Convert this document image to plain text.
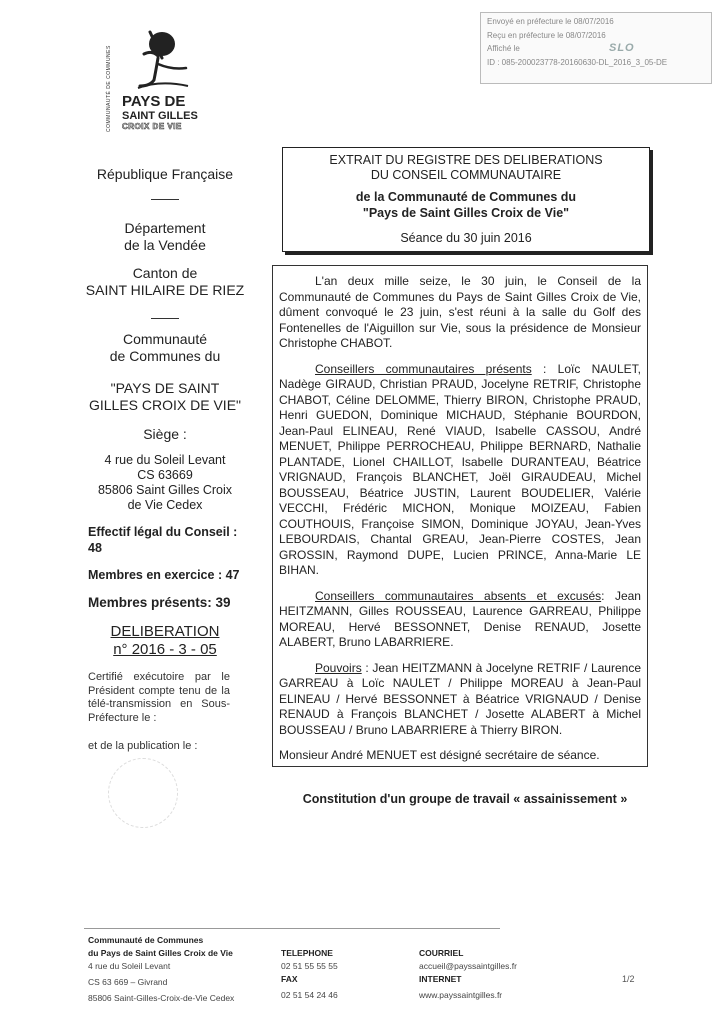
Envoyé en préfecture le 08/07/2016
Reçu en préfecture le 08/07/2016
Affiché le	SLO
ID : 085-200023778-20160630-DL_2016_3_05-DE
COMMUNAUTÉ DE COMMUNES PAYS DE
SAINT GILLES
CROIX DE VIE
République Française
Département
de la Vendée
Canton de
SAINT HILAIRE DE RIEZ
Communauté
de Communes du
"PAYS DE SAINT
GILLES CROIX DE VIE"
Siège :
4 rue du Soleil Levant
CS 63669
85806 Saint Gilles Croix
de Vie Cedex
Effectif légal du Conseil :
48
Membres en exercice : 47
Membres présents: 39
DELIBERATION
n° 2016 - 3 - 05
Certifié exécutoire par le Président compte tenu de la télé-transmission en Sous-Préfecture le :
et de la publication le :
EXTRAIT DU REGISTRE DES DELIBERATIONS
DU CONSEIL COMMUNAUTAIRE
de la Communauté de Communes du
"Pays de Saint Gilles Croix de Vie"
Séance du 30 juin 2016

L'an deux mille seize, le 30 juin, le Conseil de la Communauté de Communes du Pays de Saint Gilles Croix de Vie, dûment convoqué le 23 juin, s'est réuni à la salle du Golf des Fontenelles de l'Aiguillon sur Vie, sous la présidence de Monsieur Christophe CHABOT.

Conseillers communautaires présents : Loïc NAULET, Nadège GIRAUD, Christian PRAUD, Jocelyne RETRIF, Christophe CHABOT, Céline DELOMME, Thierry BIRON, Christophe PRAUD, Henri GUEDON, Dominique MICHAUD, Stéphanie BOURDON, Jean-Paul ELINEAU, René VIAUD, Isabelle CASSOU, André MENUET, Philippe PERROCHEAU, Philippe BERNARD, Nathalie PLANTADE, Lionel CHAILLOT, Isabelle DURANTEAU, Béatrice VRIGNAUD, François BLANCHET, Joël GIRAUDEAU, Michel BOUSSEAU, Béatrice JUSTIN, Laurent BOUDELIER, Valérie VECCHI, Frédéric MICHON, Monique MOIZEAU, Fabien COUTHOUIS, Françoise SIMON, Dominique JOYAU, Jean-Yves LEBOURDAIS, Chantal GREAU, Jean-Pierre COSTES, Jean GROSSIN, Raymond DUPE, Lucien PRINCE, Anna-Marie LE BIHAN.

Conseillers communautaires absents et excusés: Jean HEITZMANN, Gilles ROUSSEAU, Laurence GARREAU, Philippe MOREAU, Hervé BESSONNET, Denise RENAUD, Josette ALABERT, Bruno LABARRIERE.

Pouvoirs : Jean HEITZMANN à Jocelyne RETRIF / Laurence GARREAU à Loïc NAULET / Philippe MOREAU à Jean-Paul ELINEAU / Hervé BESSONNET à Béatrice VRIGNAUD / Denise RENAUD à François BLANCHET / Josette ALABERT à Michel BOUSSEAU / Bruno LABARRIERE à Thierry BIRON.

Monsieur André MENUET est désigné secrétaire de séance.

Constitution d'un groupe de travail « assainissement »
Communauté de Communes
du Pays de Saint Gilles Croix de Vie
4 rue du Soleil Levant
CS 63 669 – Givrand
85806 Saint-Gilles-Croix-de-Vie Cedex
TELEPHONE
02 51 55 55 55
FAX
02 51 54 24 46
COURRIEL
accueil@payssaintgilles.fr
INTERNET
www.payssaintgilles.fr
1/2
